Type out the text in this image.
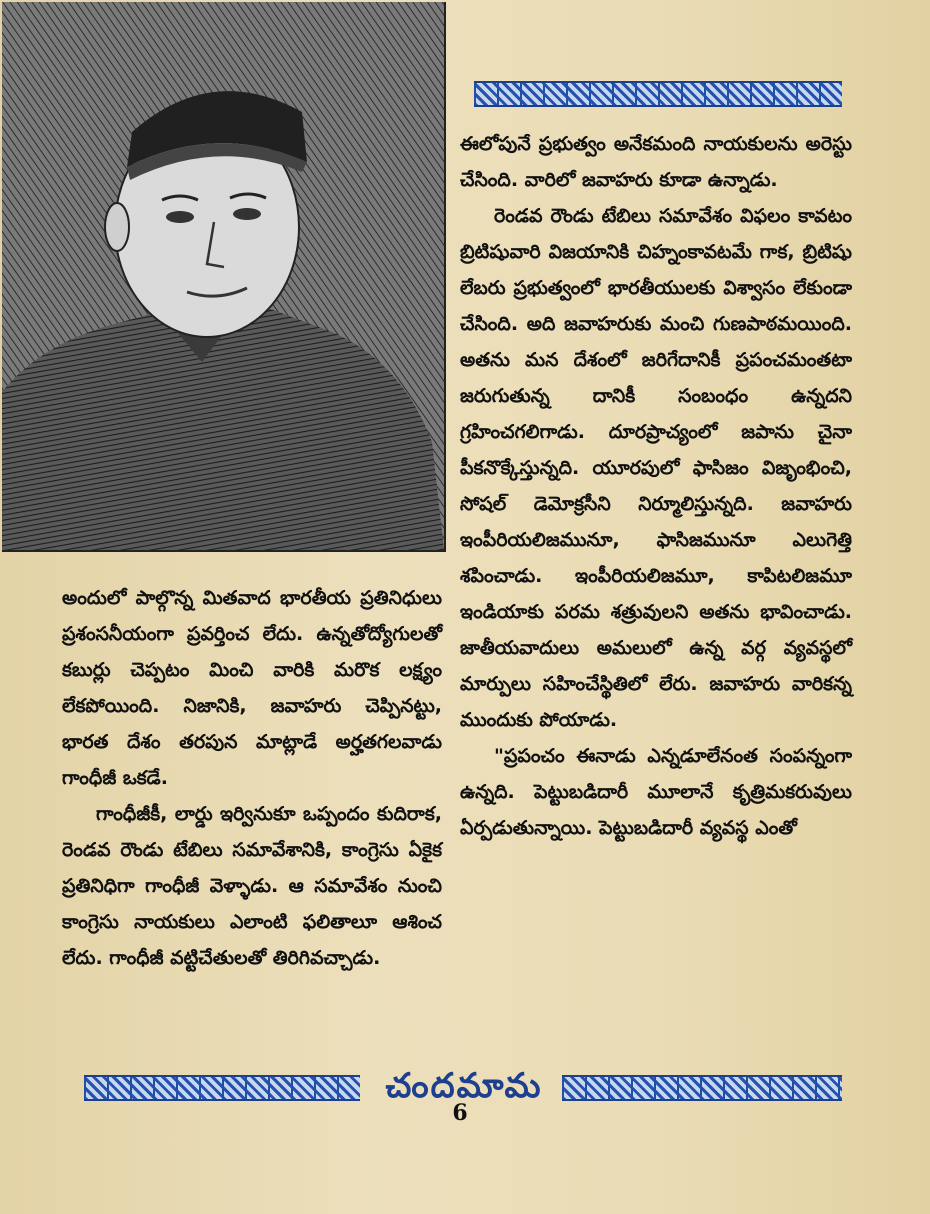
ఈలోపునే ప్రభుత్వం అనేకమంది నాయకులను అరెస్టు చేసింది. వారిలో జవాహరు కూడా ఉన్నాడు.

రెండవ రౌండు టేబిలు సమావేశం విఫలం కావటం బ్రిటిషువారి విజయానికి చిహ్నంకావటమే గాక, బ్రిటిషు లేబరు ప్రభుత్వంలో భారతీయులకు విశ్వాసం లేకుండా చేసింది. అది జవాహరుకు మంచి గుణపాఠమయింది. అతను మన దేశంలో జరిగేదానికీ ప్రపంచమంతటా జరుగుతున్న దానికీ సంబంధం ఉన్నదని గ్రహించగలిగాడు. దూరప్రాచ్యంలో జపాను చైనా పీకనొక్కేస్తున్నది. యూరపులో ఫాసిజం విజృంభించి, సోషల్ డెమోక్రసీని నిర్మూలిస్తున్నది. జవాహరు ఇంపీరియలిజమునూ, ఫాసిజమునూ ఎలుగెత్తి శపించాడు. ఇంపీరియలిజమూ, కాపిటలిజమూ ఇండియాకు పరమ శత్రువులని అతను భావించాడు. జాతీయవాదులు అమలులో ఉన్న వర్గ వ్యవస్థలో మార్పులు సహించేస్థితిలో లేరు. జవాహరు వారికన్న ముందుకు పోయాడు.

"ప్రపంచం ఈనాడు ఎన్నడూలేనంత సంపన్నంగా ఉన్నది. పెట్టుబడిదారీ మూలానే కృత్రిమకరువులు ఏర్పడుతున్నాయి. పెట్టుబడిదారీ వ్యవస్థ ఎంతో

అందులో పాల్గొన్న మితవాద భారతీయ ప్రతినిధులు ప్రశంసనీయంగా ప్రవర్తించ లేదు. ఉన్నతోద్యోగులతో కబుర్లు చెప్పటం మించి వారికి మరొక లక్ష్యం లేకపోయింది. నిజానికి, జవాహరు చెప్పినట్టు, భారత దేశం తరపున మాట్లాడే అర్హతగలవాడు గాంధీజీ ఒకడే.

గాంధీజీకీ, లార్డు ఇర్వినుకూ ఒప్పందం కుదిరాక, రెండవ రౌండు టేబిలు సమావేశానికి, కాంగ్రెసు ఏకైక ప్రతినిధిగా గాంధీజీ వెళ్ళాడు. ఆ సమావేశం నుంచి కాంగ్రెసు నాయకులు ఎలాంటి ఫలితాలూ ఆశించ లేదు. గాంధీజీ వట్టిచేతులతో తిరిగివచ్చాడు.

చందమామ
6
